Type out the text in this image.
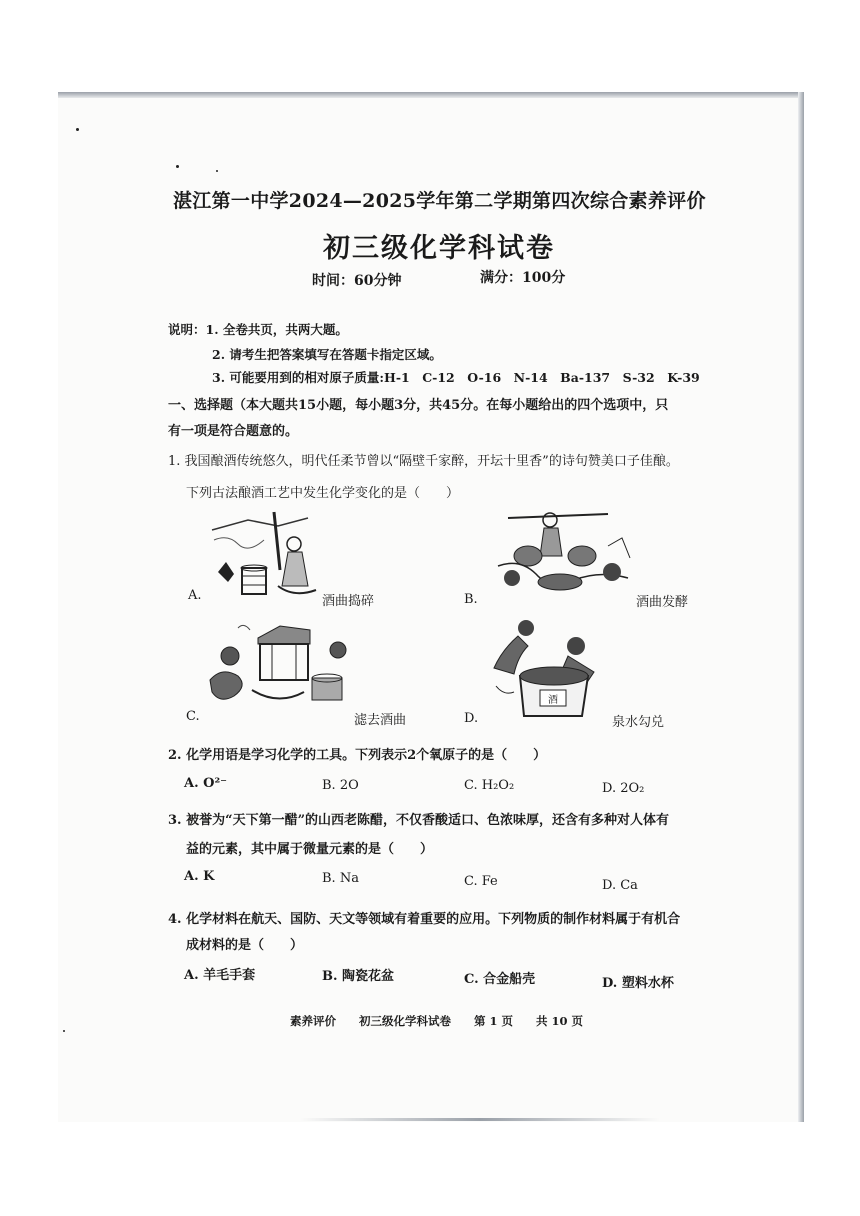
湛江第一中学2024—2025学年第二学期第四次综合素养评价
初三级化学科试卷
时间：60分钟	满分：100分
说明：1. 全卷共页，共两大题。
2. 请考生把答案填写在答题卡指定区域。
3. 可能要用到的相对原子质量:H-1　C-12　O-16　N-14　Ba-137　S-32　K-39
一、选择题（本大题共15小题，每小题3分，共45分。在每小题给出的四个选项中，只
有一项是符合题意的。
1. 我国酿酒传统悠久，明代任柔节曾以“隔壁千家醉，开坛十里香”的诗句赞美口子佳酿。
下列古法酿酒工艺中发生化学变化的是（　　）
A.	酒曲捣碎	B.	酒曲发酵
C.	滤去酒曲
酒
D.	泉水勾兑
2. 化学用语是学习化学的工具。下列表示2个氧原子的是（　　）
A. O²⁻	B. 2O	C. H₂O₂	D. 2O₂
3. 被誉为“天下第一醋”的山西老陈醋，不仅香酸适口、色浓味厚，还含有多种对人体有
益的元素，其中属于微量元素的是（　　）
A. K	B. Na	C. Fe	D. Ca
4. 化学材料在航天、国防、天文等领域有着重要的应用。下列物质的制作材料属于有机合
成材料的是（　　）
A. 羊毛手套	B. 陶瓷花盆	C. 合金船壳	D. 塑料水杯
素养评价　　初三级化学科试卷　　第 1 页　　共 10 页
